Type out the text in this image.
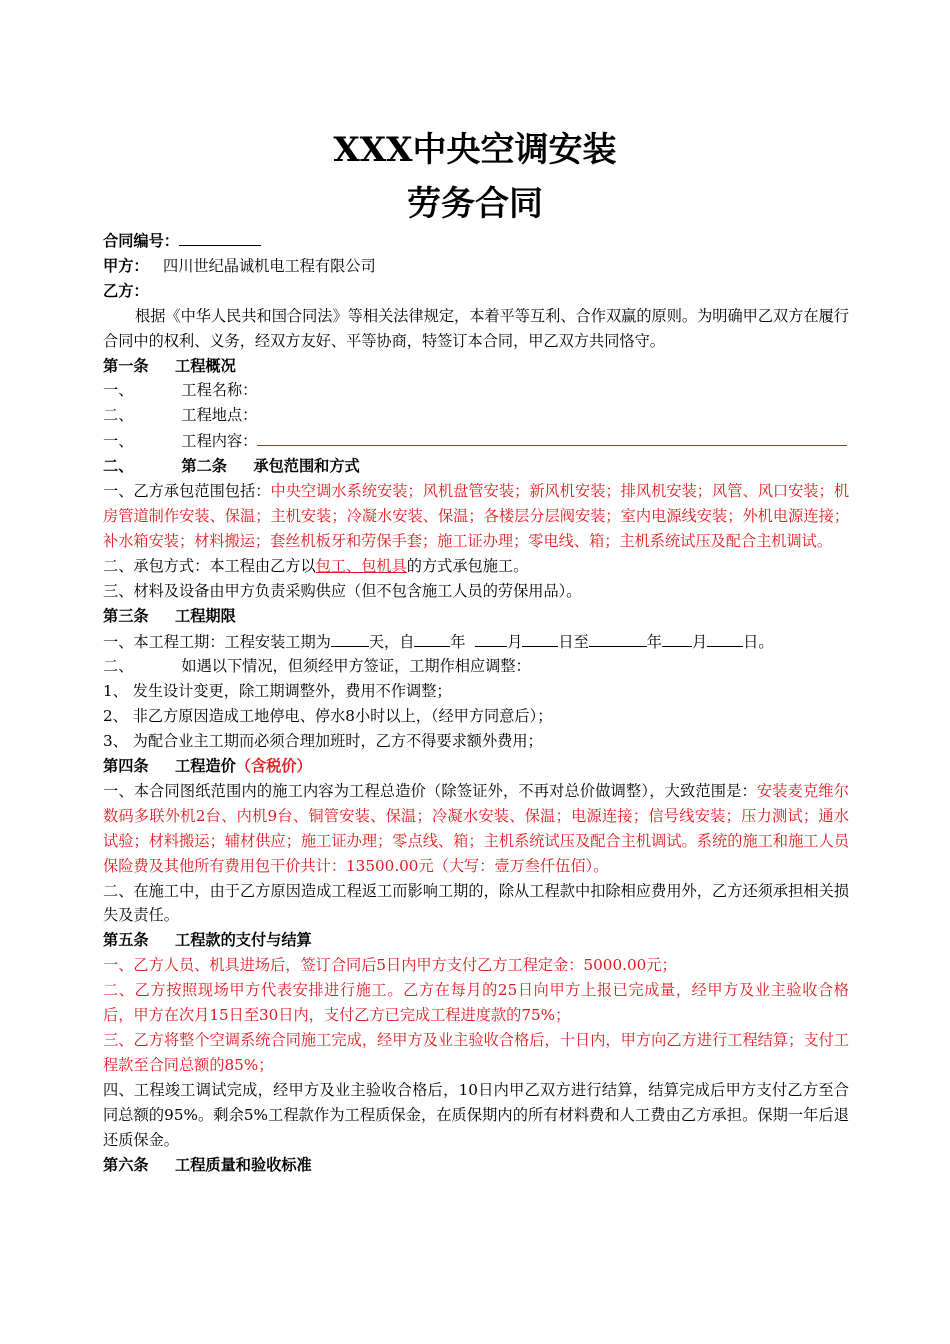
XXX中央空调安装
劳务合同

合同编号：

甲方： 四川世纪晶诚机电工程有限公司

乙方：

根据《中华人民共和国合同法》等相关法律规定，本着平等互利、合作双赢的原则。为明确甲乙双方在履行合同中的权利、义务，经双方友好、平等协商，特签订本合同，甲乙双方共同恪守。

第一条 工程概况

一、	工程名称：

二、	工程地点：

一、	工程内容：

二、	第二条 承包范围和方式

一、乙方承包范围包括：中央空调水系统安装；风机盘管安装；新风机安装；排风机安装；风管、风口安装；机房管道制作安装、保温；主机安装；冷凝水安装、保温；各楼层分层阀安装；室内电源线安装；外机电源连接；补水箱安装；材料搬运；套丝机板牙和劳保手套；施工证办理；零电线、箱；主机系统试压及配合主机调试。

二、承包方式：本工程由乙方以包工、包机具的方式承包施工。

三、材料及设备由甲方负责采购供应（但不包含施工人员的劳保用品）。

第三条 工程期限

一、本工程工期：工程安装工期为	天，自 年	月 日至	年 月 日。

二、	如遇以下情况，但须经甲方签证，工期作相应调整：

1、 发生设计变更，除工期调整外，费用不作调整；

2、 非乙方原因造成工地停电、停水8小时以上，（经甲方同意后）；

3、 为配合业主工期而必须合理加班时，乙方不得要求额外费用；

第四条 工程造价（含税价）

一、本合同图纸范围内的施工内容为工程总造价（除签证外，不再对总价做调整），大致范围是：安装麦克维尔数码多联外机2台、内机9台、铜管安装、保温；冷凝水安装、保温；电源连接；信号线安装；压力测试；通水试验；材料搬运；辅材供应；施工证办理；零点线、箱；主机系统试压及配合主机调试。系统的施工和施工人员保险费及其他所有费用包干价共计：13500.00元（大写：壹万叁仟伍佰）。

二、在施工中，由于乙方原因造成工程返工而影响工期的，除从工程款中扣除相应费用外，乙方还须承担相关损失及责任。

第五条 工程款的支付与结算

一、乙方人员、机具进场后，签订合同后5日内甲方支付乙方工程定金：5000.00元；

二、乙方按照现场甲方代表安排进行施工。乙方在每月的25日向甲方上报已完成量，经甲方及业主验收合格后，甲方在次月15日至30日内，支付乙方已完成工程进度款的75%；

三、乙方将整个空调系统合同施工完成，经甲方及业主验收合格后，十日内，甲方向乙方进行工程结算；支付工程款至合同总额的85%；

四、工程竣工调试完成，经甲方及业主验收合格后，10日内甲乙双方进行结算，结算完成后甲方支付乙方至合同总额的95%。剩余5%工程款作为工程质保金，在质保期内的所有材料费和人工费由乙方承担。保期一年后退还质保金。

第六条 工程质量和验收标准
